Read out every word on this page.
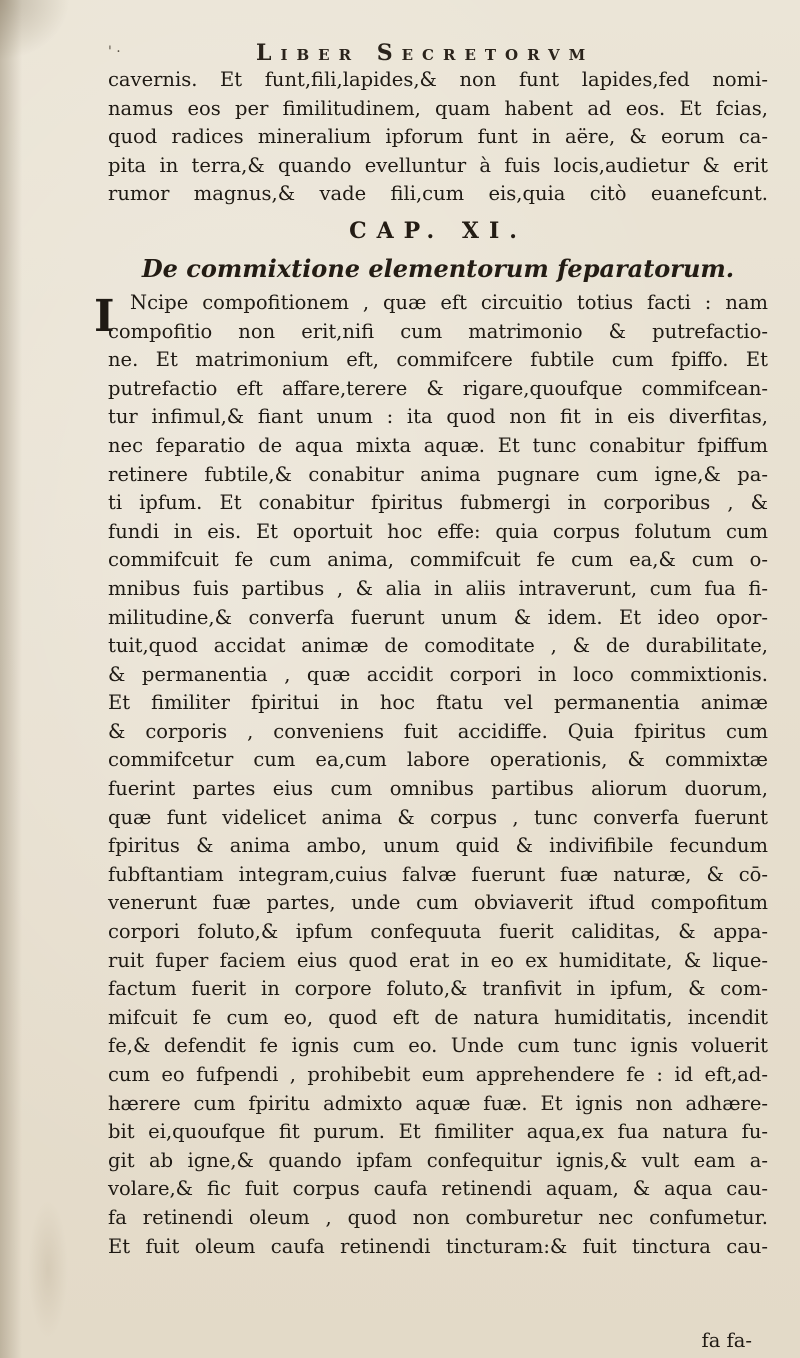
' ·	Liber Secretorvm
cavernis. Et funt,fili,lapides,& non funt lapides,fed nomi-
namus eos per fimilitudinem, quam habent ad eos. Et fcias,
quod radices mineralium ipforum funt in aëre, & eorum ca-
pita in terra,& quando evelluntur à fuis locis,audietur & erit
rumor magnus,& vade fili,cum eis,quia citò euanefcunt.
CAP. XI.
De commixtione elementorum feparatorum.
I Ncipe compofitionem , quæ eft circuitio totius facti : nam
compofitio non erit,nifi cum matrimonio & putrefactio-
ne. Et matrimonium eft, commifcere fubtile cum fpiffo. Et
putrefactio eft affare,terere & rigare,quoufque commifcean-
tur infimul,& fiant unum : ita quod non fit in eis diverfitas,
nec feparatio de aqua mixta aquæ. Et tunc conabitur fpiffum
retinere fubtile,& conabitur anima pugnare cum igne,& pa-
ti ipfum. Et conabitur fpiritus fubmergi in corporibus , &
fundi in eis. Et oportuit hoc effe: quia corpus folutum cum
commifcuit fe cum anima, commifcuit fe cum ea,& cum o-
mnibus fuis partibus , & alia in aliis intraverunt, cum fua fi-
militudine,& converfa fuerunt unum & idem. Et ideo opor-
tuit,quod accidat animæ de comoditate , & de durabilitate,
& permanentia , quæ accidit corpori in loco commixtionis.
Et fimiliter fpiritui in hoc ftatu vel permanentia animæ
& corporis , conveniens fuit accidiffe. Quia fpiritus cum
commifcetur cum ea,cum labore operationis, & commixtæ
fuerint partes eius cum omnibus partibus aliorum duorum,
quæ funt videlicet anima & corpus , tunc converfa fuerunt
fpiritus & anima ambo, unum quid & indivifibile fecundum
fubftantiam integram,cuius falvæ fuerunt fuæ naturæ, & cō-
venerunt fuæ partes, unde cum obviaverit iftud compofitum
corpori foluto,& ipfum confequuta fuerit caliditas, & appa-
ruit fuper faciem eius quod erat in eo ex humiditate, & lique-
factum fuerit in corpore foluto,& tranfivit in ipfum, & com-
mifcuit fe cum eo, quod eft de natura humiditatis, incendit
fe,& defendit fe ignis cum eo. Unde cum tunc ignis voluerit
cum eo fufpendi , prohibebit eum apprehendere fe : id eft,ad-
hærere cum fpiritu admixto aquæ fuæ. Et ignis non adhære-
bit ei,quoufque fit purum. Et fimiliter aqua,ex fua natura fu-
git ab igne,& quando ipfam confequitur ignis,& vult eam a-
volare,& fic fuit corpus caufa retinendi aquam, & aqua cau-
fa retinendi oleum , quod non comburetur nec confumetur.
Et fuit oleum caufa retinendi tincturam:& fuit tinctura cau-
fa fa-
